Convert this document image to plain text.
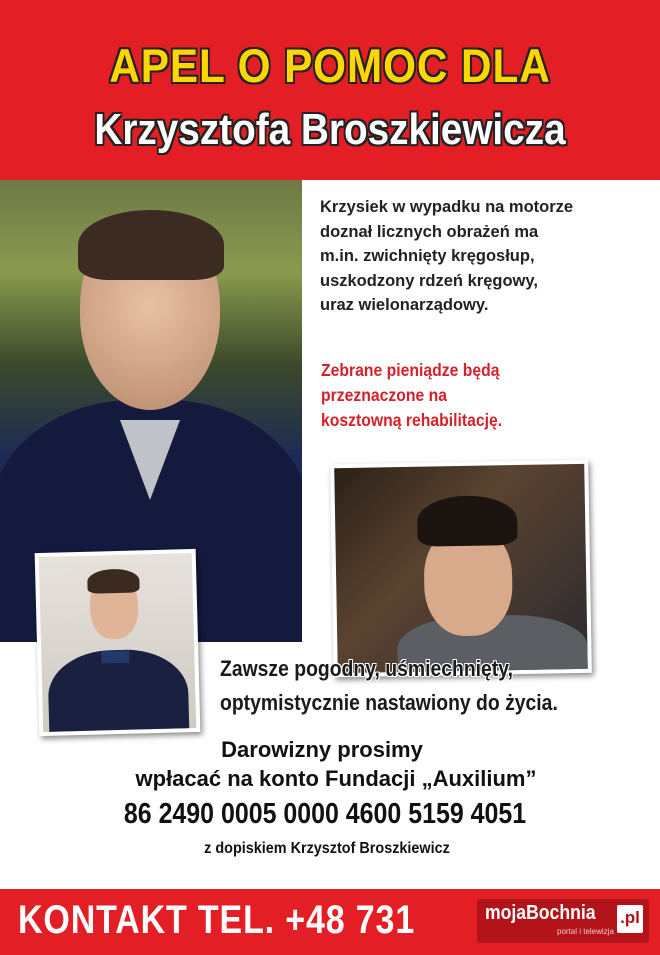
APEL O POMOC DLA
Krzysztofa Broszkiewicza
Krzysiek w wypadku na motorze
doznał licznych obrażeń ma
m.in. zwichnięty kręgosłup,
uszkodzony rdzeń kręgowy,
uraz wielonarządowy.
Zebrane pieniądze będą
przeznaczone na
kosztowną rehabilitację.
Zawsze pogodny, uśmiechnięty,
optymistycznie nastawiony do życia.
Darowizny prosimy
wpłacać na konto Fundacji „Auxilium”
86 2490 0005 0000 4600 5159 4051
z dopiskiem Krzysztof Broszkiewicz
KONTAKT TEL. +48 731	mojaBochnia .pl
portal i telewizja
